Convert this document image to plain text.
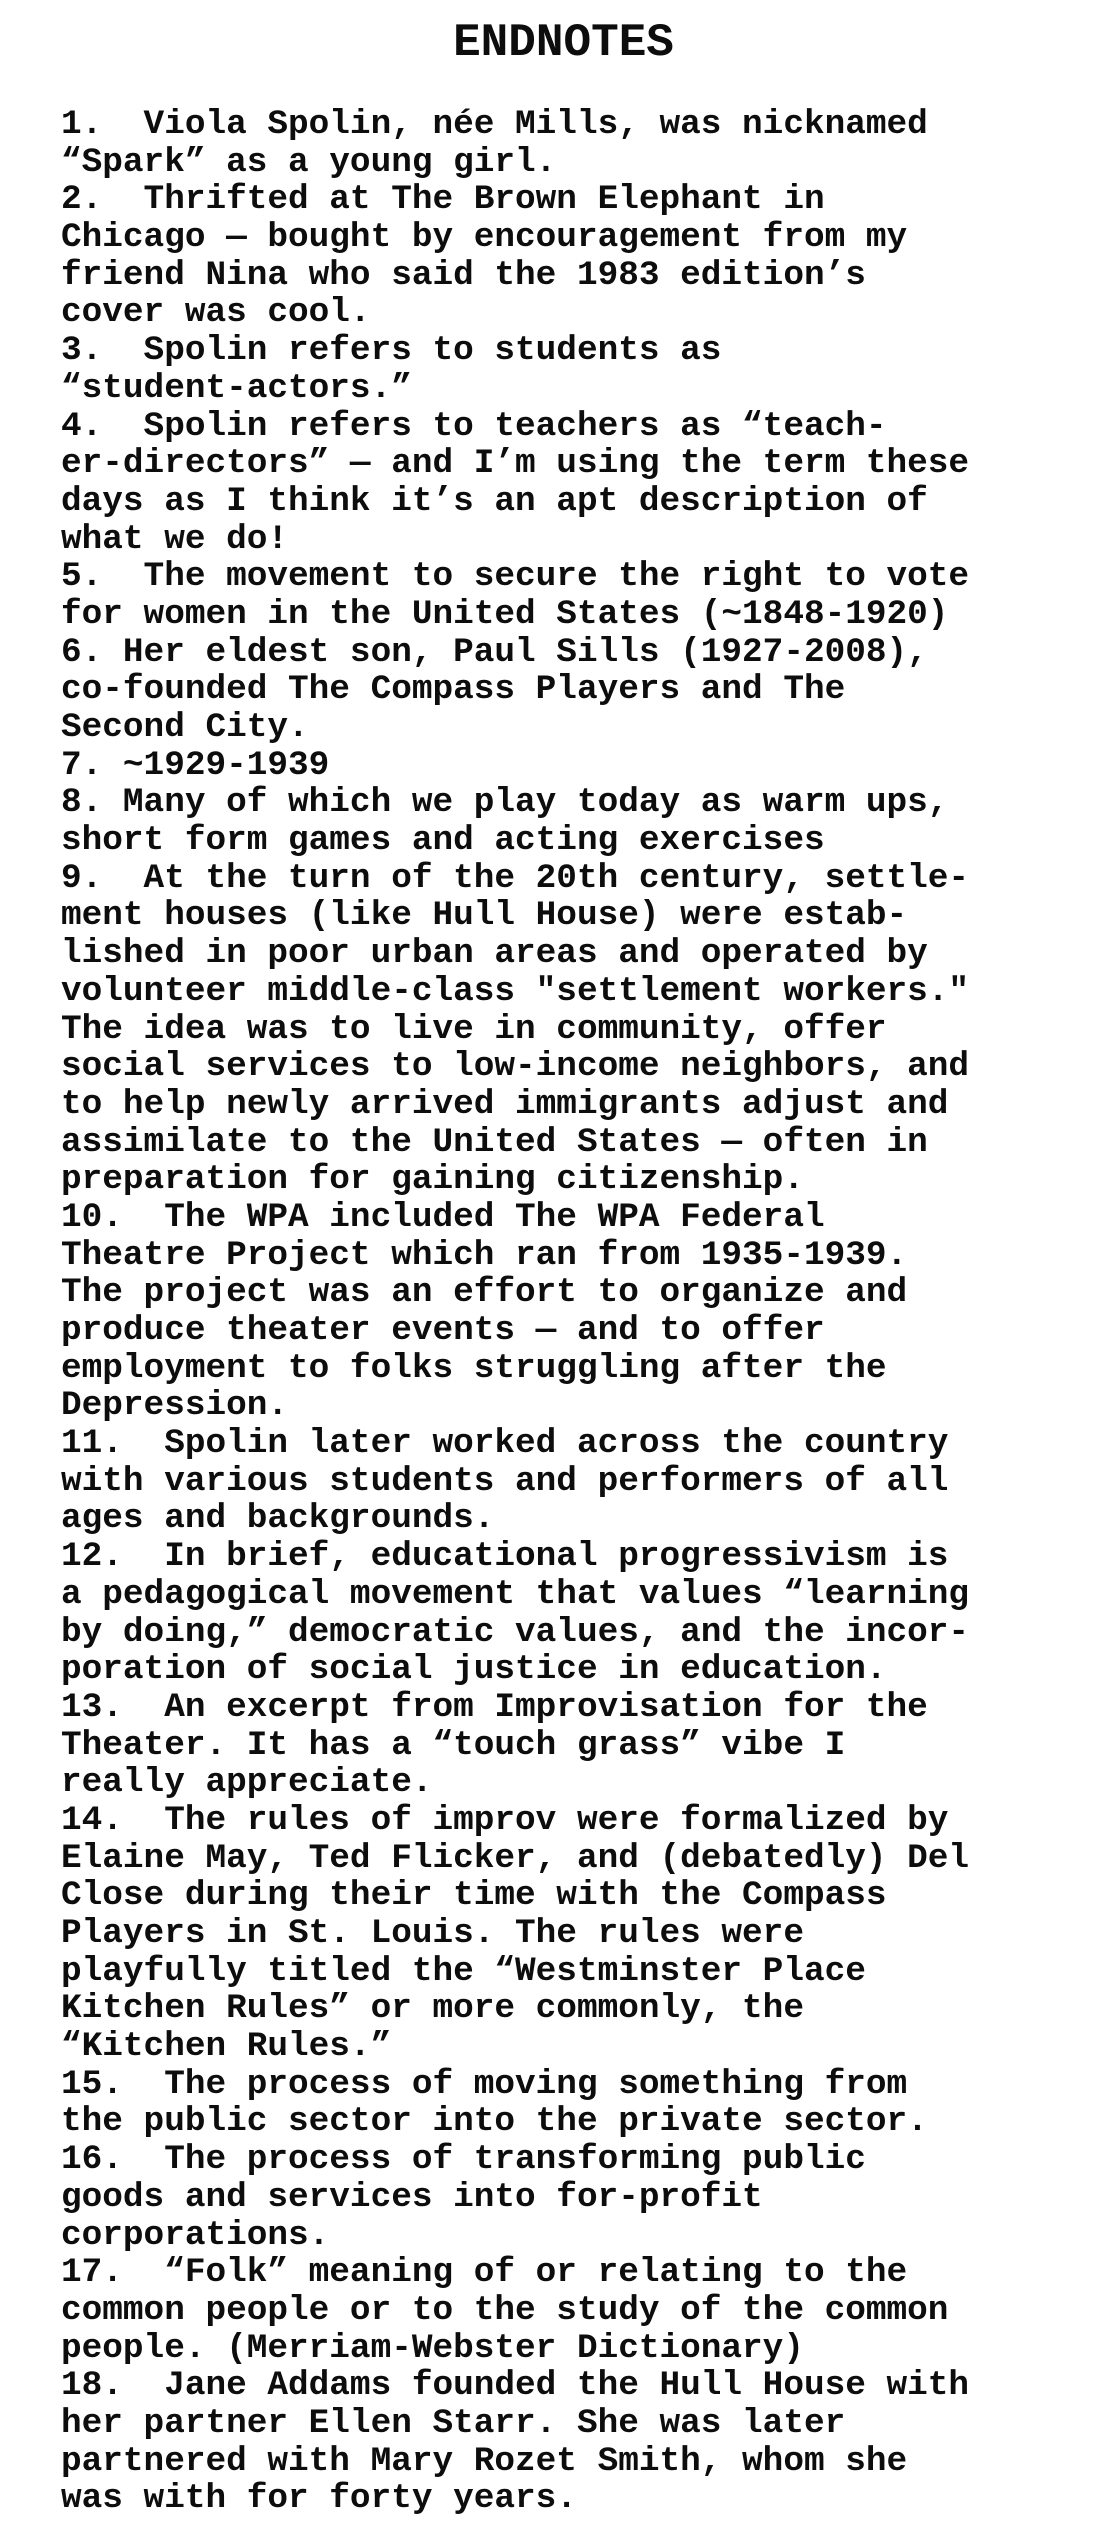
ENDNOTES
1.  Viola Spolin, née Mills, was nicknamed
“Spark” as a young girl.
2.  Thrifted at The Brown Elephant in
Chicago — bought by encouragement from my
friend Nina who said the 1983 edition’s
cover was cool.
3.  Spolin refers to students as
“student-actors.”
4.  Spolin refers to teachers as “teach-
er-directors” — and I’m using the term these
days as I think it’s an apt description of
what we do!
5.  The movement to secure the right to vote
for women in the United States (~1848-1920)
6. Her eldest son, Paul Sills (1927-2008),
co-founded The Compass Players and The
Second City.
7. ~1929-1939
8. Many of which we play today as warm ups,
short form games and acting exercises
9.  At the turn of the 20th century, settle-
ment houses (like Hull House) were estab-
lished in poor urban areas and operated by
volunteer middle-class "settlement workers."
The idea was to live in community, offer
social services to low-income neighbors, and
to help newly arrived immigrants adjust and
assimilate to the United States — often in
preparation for gaining citizenship.
10.  The WPA included The WPA Federal
Theatre Project which ran from 1935-1939.
The project was an effort to organize and
produce theater events — and to offer
employment to folks struggling after the
Depression.
11.  Spolin later worked across the country
with various students and performers of all
ages and backgrounds.
12.  In brief, educational progressivism is
a pedagogical movement that values “learning
by doing,” democratic values, and the incor-
poration of social justice in education.
13.  An excerpt from Improvisation for the
Theater. It has a “touch grass” vibe I
really appreciate.
14.  The rules of improv were formalized by
Elaine May, Ted Flicker, and (debatedly) Del
Close during their time with the Compass
Players in St. Louis. The rules were
playfully titled the “Westminster Place
Kitchen Rules” or more commonly, the
“Kitchen Rules.”
15.  The process of moving something from
the public sector into the private sector.
16.  The process of transforming public
goods and services into for-profit
corporations.
17.  “Folk” meaning of or relating to the
common people or to the study of the common
people. (Merriam-Webster Dictionary)
18.  Jane Addams founded the Hull House with
her partner Ellen Starr. She was later
partnered with Mary Rozet Smith, whom she
was with for forty years.
